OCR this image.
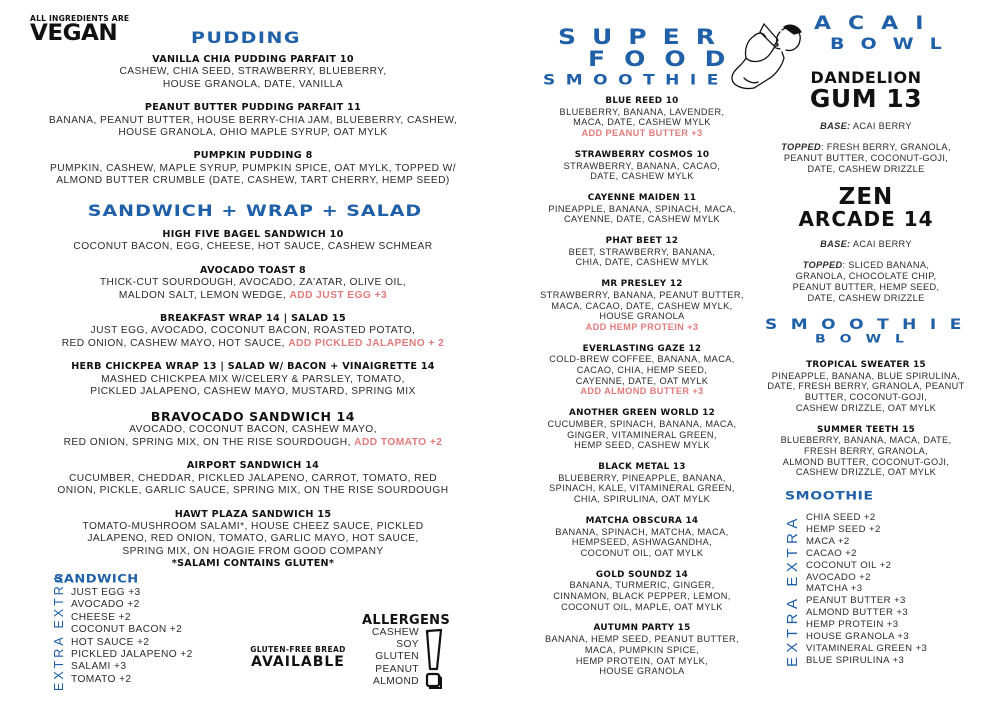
ALL INGREDIENTS ARE
VEGAN	PUDDING
VANILLA CHIA PUDDING PARFAIT 10
CASHEW, CHIA SEED, STRAWBERRY, BLUEBERRY,
HOUSE GRANOLA, DATE, VANILLA
PEANUT BUTTER PUDDING PARFAIT 11
BANANA, PEANUT BUTTER, HOUSE BERRY-CHIA JAM, BLUEBERRY, CASHEW,
HOUSE GRANOLA, OHIO MAPLE SYRUP, OAT MYLK
PUMPKIN PUDDING 8
PUMPKIN, CASHEW, MAPLE SYRUP, PUMPKIN SPICE, OAT MYLK, TOPPED W/
ALMOND BUTTER CRUMBLE (DATE, CASHEW, TART CHERRY, HEMP SEED)
SANDWICH + WRAP + SALAD
HIGH FIVE BAGEL SANDWICH 10
COCONUT BACON, EGG, CHEESE, HOT SAUCE, CASHEW SCHMEAR
AVOCADO TOAST 8
THICK-CUT SOURDOUGH, AVOCADO, ZA'ATAR, OLIVE OIL,
MALDON SALT, LEMON WEDGE, ADD JUST EGG +3
BREAKFAST WRAP 14 | SALAD 15
JUST EGG, AVOCADO, COCONUT BACON, ROASTED POTATO,
RED ONION, CASHEW MAYO, HOT SAUCE, ADD PICKLED JALAPENO + 2
HERB CHICKPEA WRAP 13 | SALAD W/ BACON + VINAIGRETTE 14
MASHED CHICKPEA MIX W/CELERY & PARSLEY, TOMATO,
PICKLED JALAPENO, CASHEW MAYO, MUSTARD, SPRING MIX
BRAVOCADO SANDWICH 14
AVOCADO, COCONUT BACON, CASHEW MAYO,
RED ONION, SPRING MIX, ON THE RISE SOURDOUGH, ADD TOMATO +2
AIRPORT SANDWICH 14
CUCUMBER, CHEDDAR, PICKLED JALAPENO, CARROT, TOMATO, RED
ONION, PICKLE, GARLIC SAUCE, SPRING MIX, ON THE RISE SOURDOUGH
HAWT PLAZA SANDWICH 15
TOMATO-MUSHROOM SALAMI*, HOUSE CHEEZ SAUCE, PICKLED
JALAPENO, RED ONION, TOMATO, GARLIC MAYO, HOT SAUCE,
SPRING MIX, ON HOAGIE FROM GOOD COMPANY
*SALAMI CONTAINS GLUTEN*
SANDWICH
EXTRA EXTRA JUST EGG +3
AVOCADO +2
CHEESE +2
COCONUT BACON +2
HOT SAUCE +2
PICKLED JALAPENO +2
SALAMI +3
TOMATO +2
GLUTEN-FREE BREAD
AVAILABLE
ALLERGENS
CASHEW
SOY
GLUTEN
PEANUT
ALMOND
SUPER
FOOD
SMOOTHIE
BLUE REED 10
BLUEBERRY, BANANA, LAVENDER,
MACA, DATE, CASHEW MYLK
ADD PEANUT BUTTER +3
STRAWBERRY COSMOS 10
STRAWBERRY, BANANA, CACAO,
DATE, CASHEW MYLK
CAYENNE MAIDEN 11
PINEAPPLE, BANANA, SPINACH, MACA,
CAYENNE, DATE, CASHEW MYLK
PHAT BEET 12
BEET, STRAWBERRY, BANANA,
CHIA, DATE, CASHEW MYLK
MR PRESLEY 12
STRAWBERRY, BANANA, PEANUT BUTTER,
MACA, CACAO, DATE, CASHEW MYLK,
HOUSE GRANOLA
ADD HEMP PROTEIN +3
EVERLASTING GAZE 12
COLD-BREW COFFEE, BANANA, MACA,
CACAO, CHIA, HEMP SEED,
CAYENNE, DATE, OAT MYLK
ADD ALMOND BUTTER +3
ANOTHER GREEN WORLD 12
CUCUMBER, SPINACH, BANANA, MACA,
GINGER, VITAMINERAL GREEN,
HEMP SEED, CASHEW MYLK
BLACK METAL 13
BLUEBERRY, PINEAPPLE, BANANA,
SPINACH, KALE, VITAMINERAL GREEN,
CHIA, SPIRULINA, OAT MYLK
MATCHA OBSCURA 14
BANANA, SPINACH, MATCHA, MACA,
HEMPSEED, ASHWAGANDHA,
COCONUT OIL, OAT MYLK
GOLD SOUNDZ 14
BANANA, TURMERIC, GINGER,
CINNAMON, BLACK PEPPER, LEMON,
COCONUT OIL, MAPLE, OAT MYLK
AUTUMN PARTY 15
BANANA, HEMP SEED, PEANUT BUTTER,
MACA, PUMPKIN SPICE,
HEMP PROTEIN, OAT MYLK,
HOUSE GRANOLA
ACAI
BOWL
DANDELION
GUM 13
BASE: ACAI BERRY
TOPPED: FRESH BERRY, GRANOLA,
PEANUT BUTTER, COCONUT-GOJI,
DATE, CASHEW DRIZZLE
ZEN
ARCADE 14
BASE: ACAI BERRY
TOPPED: SLICED BANANA,
GRANOLA, CHOCOLATE CHIP,
PEANUT BUTTER, HEMP SEED,
DATE, CASHEW DRIZZLE
SMOOTHIE
BOWL
TROPICAL SWEATER 15
PINEAPPLE, BANANA, BLUE SPIRULINA,
DATE, FRESH BERRY, GRANOLA, PEANUT
BUTTER, COCONUT-GOJI,
CASHEW DRIZZLE, OAT MYLK
SUMMER TEETH 15
BLUEBERRY, BANANA, MACA, DATE,
FRESH BERRY, GRANOLA,
ALMOND BUTTER, COCONUT-GOJI,
CASHEW DRIZZLE, OAT MYLK
SMOOTHIE
EXTRA EXTRA CHIA SEED +2
HEMP SEED +2
MACA +2
CACAO +2
COCONUT OIL +2
AVOCADO +2
MATCHA +3
PEANUT BUTTER +3
ALMOND BUTTER +3
HEMP PROTEIN +3
HOUSE GRANOLA +3
VITAMINERAL GREEN +3
BLUE SPIRULINA +3
